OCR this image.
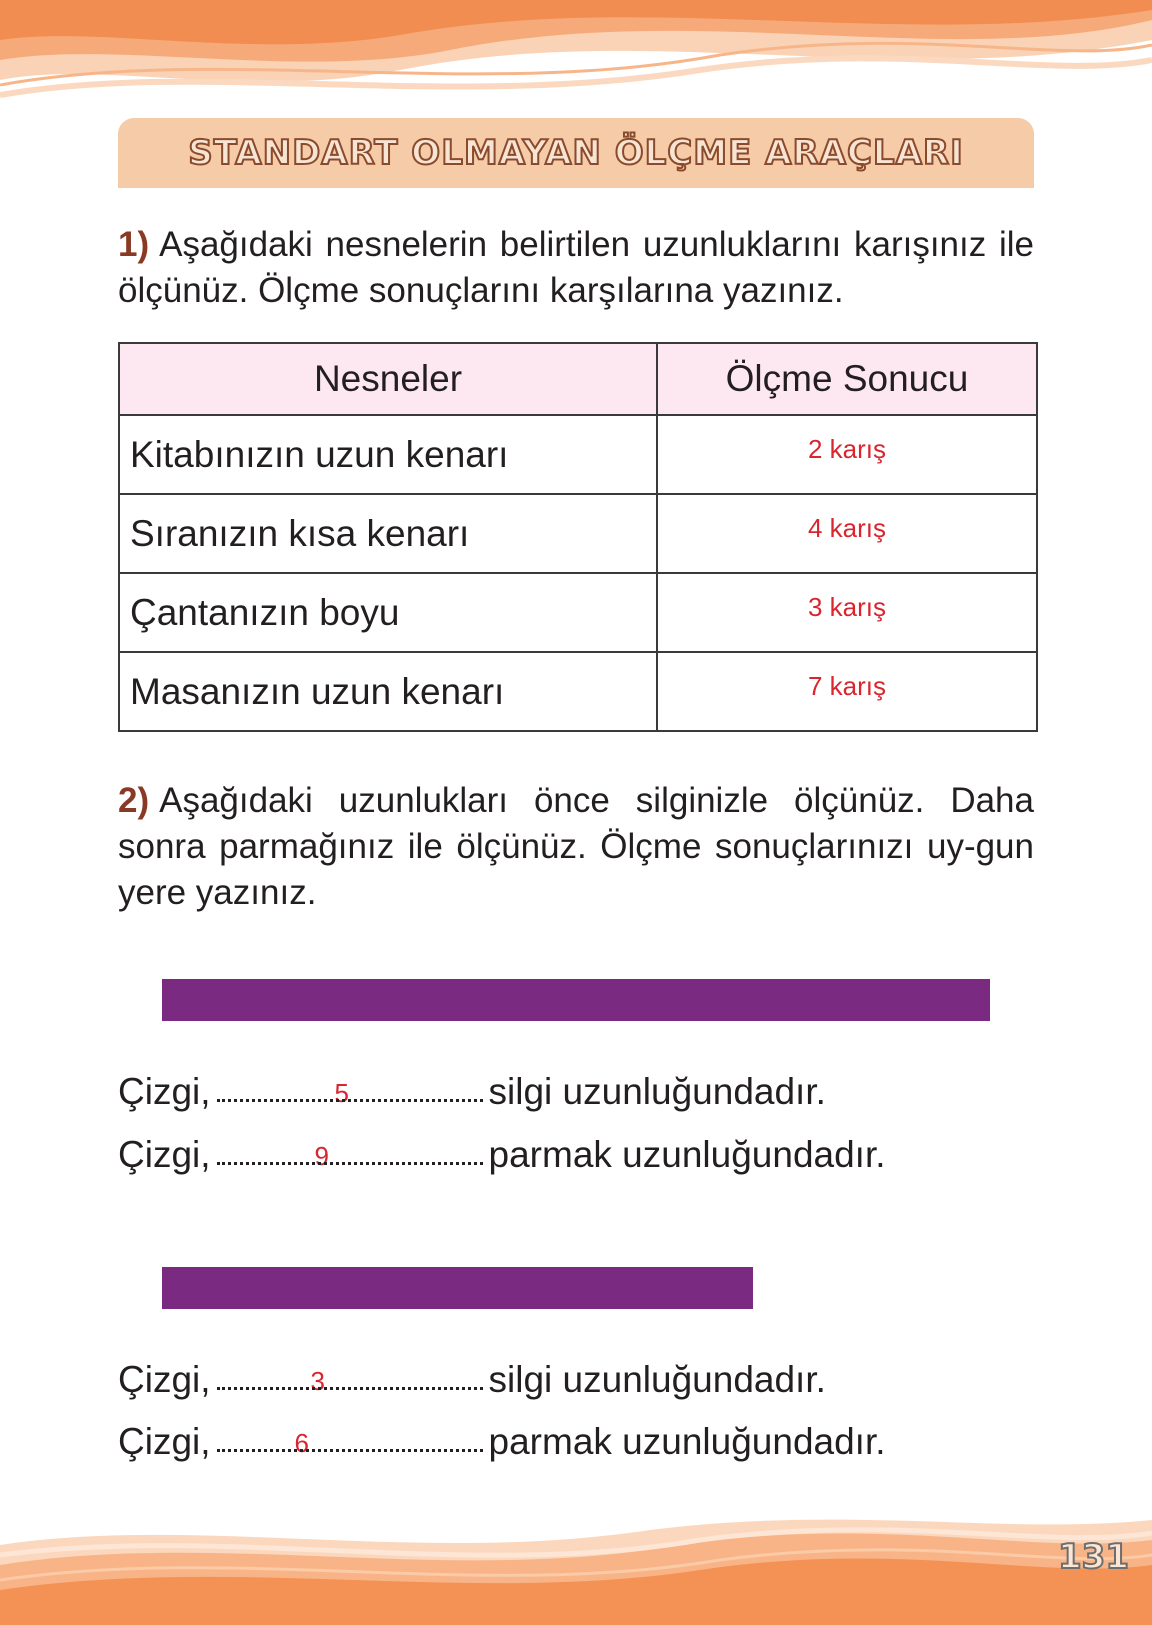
STANDART OLMAYAN ÖLÇME ARAÇLARI
1) Aşağıdaki nesnelerin belirtilen uzunluklarını karışınız ile ölçünüz. Ölçme sonuçlarını karşılarına yazınız.
Nesneler	Ölçme Sonucu
Kitabınızın uzun kenarı	2 karış
Sıranızın kısa kenarı	4 karış
Çantanızın boyu	3 karış
Masanızın uzun kenarı	7 karış
2) Aşağıdaki uzunlukları önce silginizle ölçünüz. Daha sonra parmağınız ile ölçünüz. Ölçme sonuçlarınızı uy-gun yere yazınız.
Çizgi,	5	silgi uzunluğundadır.
Çizgi,	9	parmak uzunluğundadır.
Çizgi,	3	silgi uzunluğundadır.
Çizgi,	6	parmak uzunluğundadır.
131
